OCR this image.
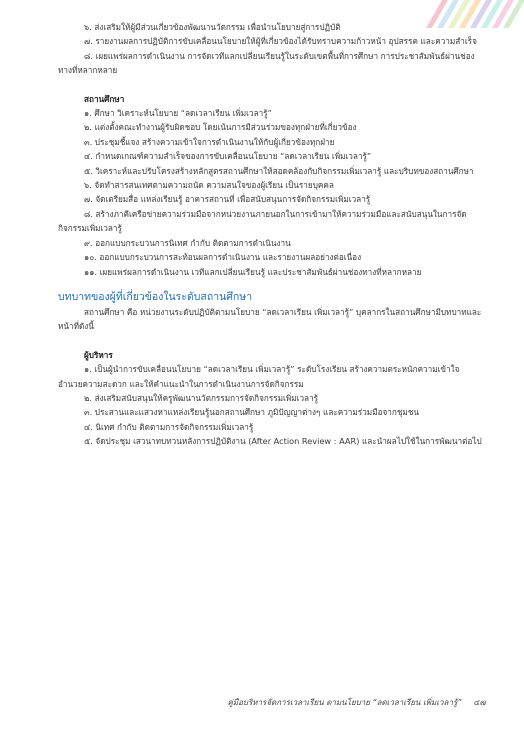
๖. ส่งเสริมให้ผู้มีส่วนเกี่ยวข้องพัฒนานวัตกรรม เพื่อนำนโยบายสู่การปฏิบัติ

๗. รายงานผลการปฏิบัติการขับเคลื่อนนโยบายให้ผู้ที่เกี่ยวข้องได้รับทราบความก้าวหน้า อุปสรรค และความสำเร็จ

๘. เผยแพร่ผลการดำเนินงาน การจัดเวทีแลกเปลี่ยนเรียนรู้ในระดับเขตพื้นที่การศึกษา การประชาสัมพันธ์ผ่านช่องทางที่หลากหลาย

สถานศึกษา

๑. ศึกษา วิเคราะห์นโยบาย “ลดเวลาเรียน เพิ่มเวลารู้”

๒. แต่งตั้งคณะทำงานผู้รับผิดชอบ โดยเน้นการมีส่วนร่วมของทุกฝ่ายที่เกี่ยวข้อง

๓. ประชุมชี้แจง สร้างความเข้าใจการดำเนินงานให้กับผู้เกี่ยวข้องทุกฝ่าย

๔. กำหนดเกณฑ์ความสำเร็จของการขับเคลื่อนนโยบาย “ลดเวลาเรียน เพิ่มเวลารู้”

๕. วิเคราะห์และปรับโครงสร้างหลักสูตรสถานศึกษาให้สอดคล้องกับกิจกรรมเพิ่มเวลารู้ และบริบทของสถานศึกษา

๖. จัดทำสารสนเทศตามความถนัด ความสนใจของผู้เรียน เป็นรายบุคคล

๗. จัดเตรียมสื่อ แหล่งเรียนรู้ อาคารสถานที่ เพื่อสนับสนุนการจัดกิจกรรมเพิ่มเวลารู้

๘. สร้างภาคีเครือข่ายความร่วมมือจากหน่วยงานภายนอกในการเข้ามาให้ความร่วมมือและสนับสนุนในการจัดกิจกรรมเพิ่มเวลารู้

๙. ออกแบบกระบวนการนิเทศ กำกับ ติดตามการดำเนินงาน

๑๐. ออกแบบกระบวนการสะท้อนผลการดำเนินงาน และรายงานผลอย่างต่อเนื่อง

๑๑. เผยแพร่ผลการดำเนินงาน เวทีแลกเปลี่ยนเรียนรู้ และประชาสัมพันธ์ผ่านช่องทางที่หลากหลาย

บทบาทของผู้ที่เกี่ยวข้องในระดับสถานศึกษา

สถานศึกษา คือ หน่วยงานระดับปฏิบัติตามนโยบาย “ลดเวลาเรียน เพิ่มเวลารู้” บุคลากรในสถานศึกษามีบทบาทและหน้าที่ดังนี้

ผู้บริหาร

๑. เป็นผู้นำการขับเคลื่อนนโยบาย “ลดเวลาเรียน เพิ่มเวลารู้” ระดับโรงเรียน สร้างความตระหนักความเข้าใจ อำนวยความสะดวก และให้คำแนะนำในการดำเนินงานการจัดกิจกรรม

๒. ส่งเสริมสนับสนุนให้ครูพัฒนานวัตกรรมการจัดกิจกรรมเพิ่มเวลารู้

๓. ประสานและแสวงหาแหล่งเรียนรู้นอกสถานศึกษา ภูมิปัญญาต่างๆ และความร่วมมือจากชุมชน

๔. นิเทศ กำกับ ติดตามการจัดกิจกรรมเพิ่มเวลารู้

๕. จัดประชุม เสวนาทบทวนหลังการปฏิบัติงาน (After Action Review : AAR) และนำผลไปใช้ในการพัฒนาต่อไป

คู่มือบริหารจัดการเวลาเรียน ตามนโยบาย “ลดเวลาเรียน เพิ่มเวลารู้” ๔๗
